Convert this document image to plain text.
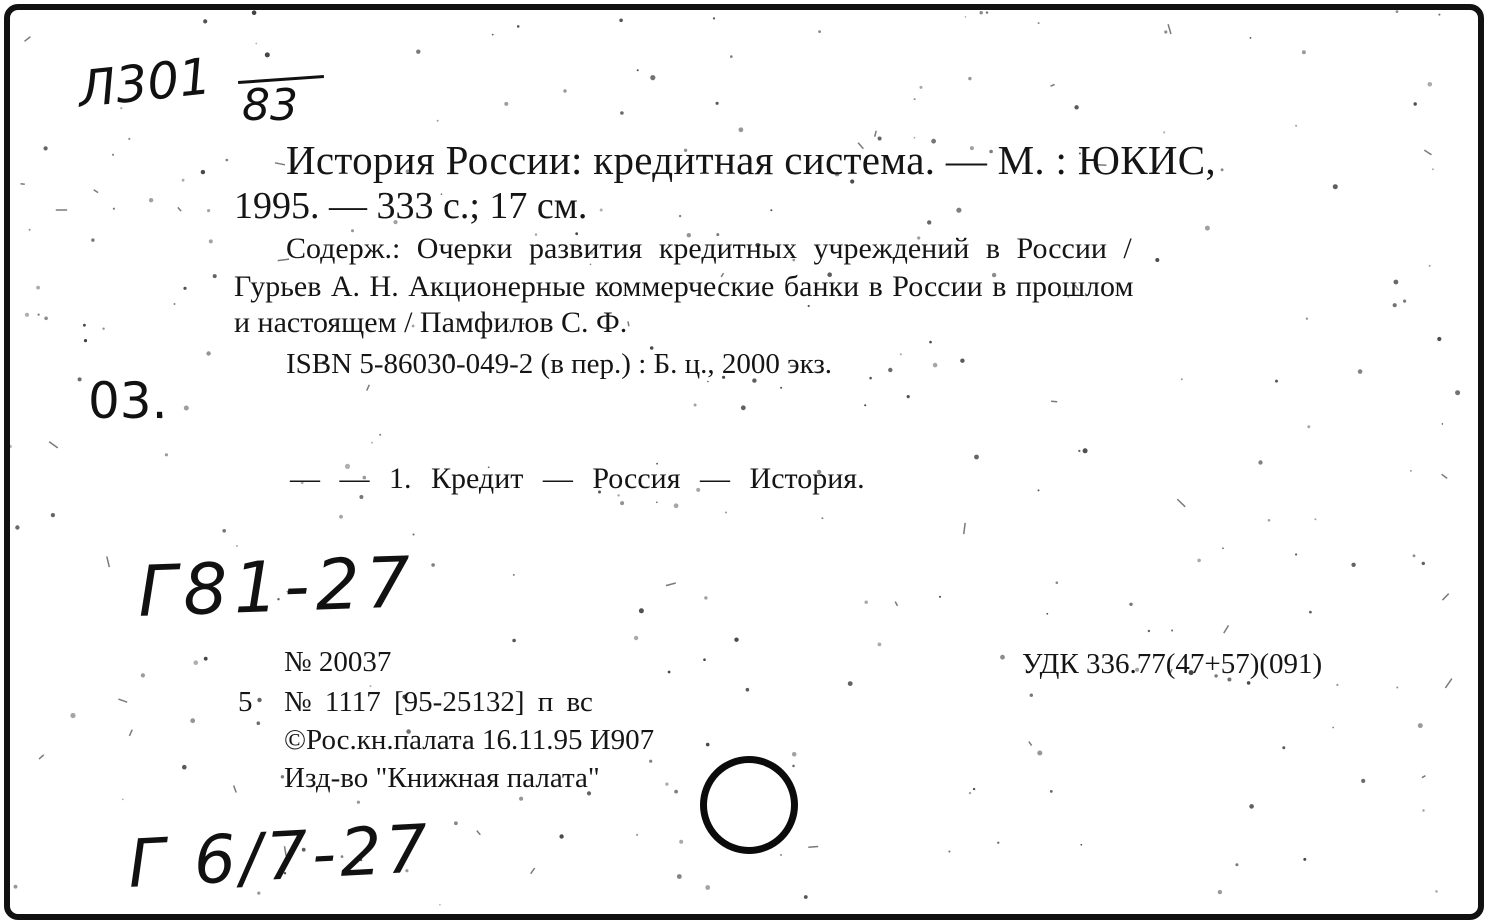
Л301 83
История России: кредитная система. — М. : ЮКИС,
1995. — 333 с.; 17 см.
Содерж.: Очерки развития кредитных учреждений в России /
Гурьев А. Н. Акционерные коммерческие банки в России в прошлом
и настоящем / Памфилов С. Ф.
ISBN 5-86030-049-2 (в пер.) : Б. ц., 2000 экз.
03.
— — 1. Кредит — Россия — История.
Г81-27
Г 6/7-27
№ 20037
5 № 1117 [95-25132] п вс
©Рос.кн.палата 16.11.95 И907
Изд-во "Книжная палата"
УДК 336.77(47+57)(091)
